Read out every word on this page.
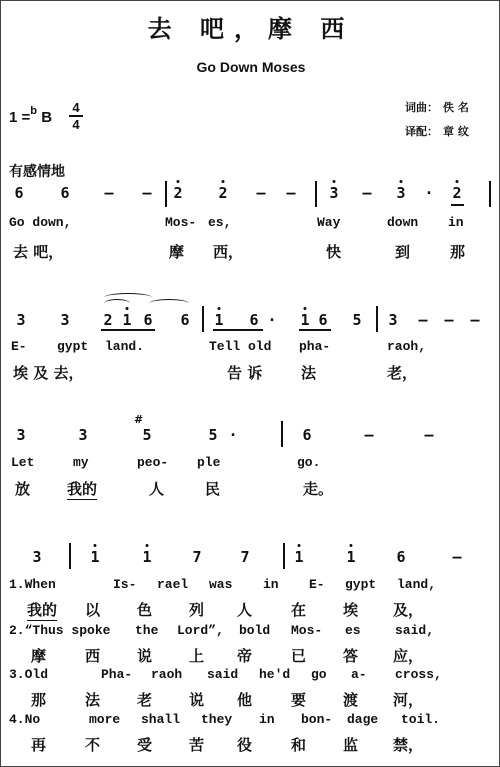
去 吧，摩 西
Go Down Moses
1 =$^b$ B
4
4
词曲： 佚 名
译配： 章 纹
有感情地
6 6 – – 2 2 – – 3 – 3 · 2
Go down,	Mos- es,	Way	down in
去 吧，	摩 西，	快	到	那
3 3 2 1 6 6 1 6 · 1 6 5 3 – – –
E- gypt land.	Tell old pha-	raoh,
埃 及 去，	告 诉	法	老，
3	3
#
5	5 ·	6	–	–
Let	my	peo- ple	go.
放 我的	人	民	走。
3	1	1	7	7	1	1	6	–
1.When	Is- rael was in E- gypt land,
我的 以 色 列 人	在 埃 及，
2.“Thus spoke the Lord”, bold Mos- es	said,
摩	西 说 上 帝	已 答 应，
3.Old	Pha- raoh said he'd go a- cross,
那	法 老 说 他	要 渡 河，
4.No	more shall they in bon- dage toil.
再	不 受 苦 役	和 监 禁，
